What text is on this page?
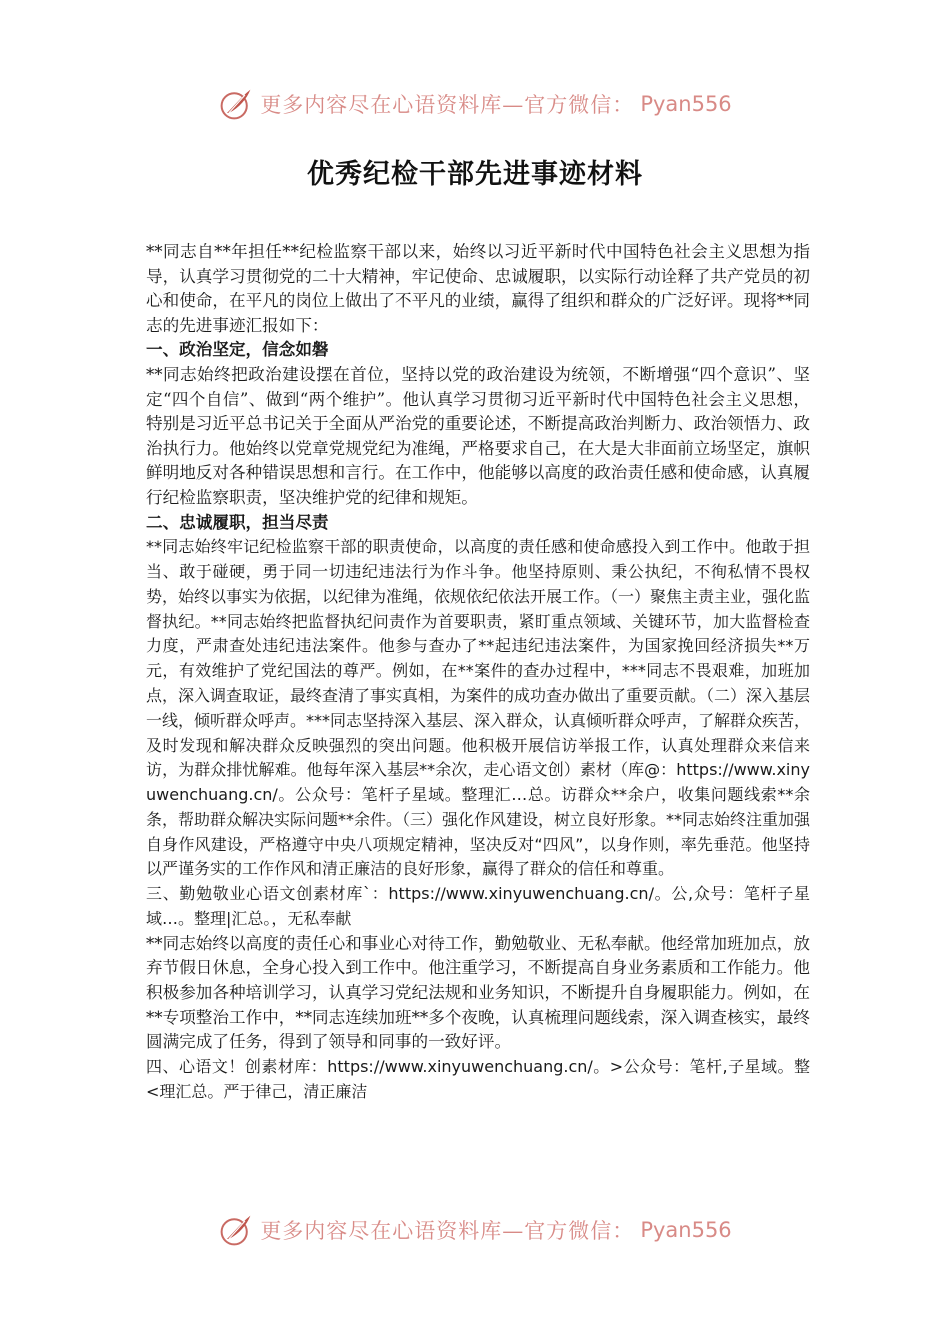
更多内容尽在心语资料库—官方微信： Pyan556
优秀纪检干部先进事迹材料

**同志自**年担任**纪检监察干部以来，始终以习近平新时代中国特色社会主义思想为指导，认真学习贯彻党的二十大精神，牢记使命、忠诚履职，以实际行动诠释了共产党员的初心和使命，在平凡的岗位上做出了不平凡的业绩，赢得了组织和群众的广泛好评。现将**同志的先进事迹汇报如下：

一、政治坚定，信念如磐

**同志始终把政治建设摆在首位，坚持以党的政治建设为统领，不断增强“四个意识”、坚定“四个自信”、做到“两个维护”。他认真学习贯彻习近平新时代中国特色社会主义思想，特别是习近平总书记关于全面从严治党的重要论述，不断提高政治判断力、政治领悟力、政治执行力。他始终以党章党规党纪为准绳，严格要求自己，在大是大非面前立场坚定，旗帜鲜明地反对各种错误思想和言行。在工作中，他能够以高度的政治责任感和使命感，认真履行纪检监察职责，坚决维护党的纪律和规矩。

二、忠诚履职，担当尽责

**同志始终牢记纪检监察干部的职责使命，以高度的责任感和使命感投入到工作中。他敢于担当、敢于碰硬，勇于同一切违纪违法行为作斗争。他坚持原则、秉公执纪，不徇私情不畏权势，始终以事实为依据，以纪律为准绳，依规依纪依法开展工作。（一）聚焦主责主业，强化监督执纪。**同志始终把监督执纪问责作为首要职责，紧盯重点领域、关键环节，加大监督检查力度，严肃查处违纪违法案件。他参与查办了**起违纪违法案件，为国家挽回经济损失**万元，有效维护了党纪国法的尊严。例如，在**案件的查办过程中，***同志不畏艰难，加班加点，深入调查取证，最终查清了事实真相，为案件的成功查办做出了重要贡献。（二）深入基层一线，倾听群众呼声。***同志坚持深入基层、深入群众，认真倾听群众呼声，了解群众疾苦，及时发现和解决群众反映强烈的突出问题。他积极开展信访举报工作，认真处理群众来信来访，为群众排忧解难。他每年深入基层**余次，走心语文创）素材（库@：https://www.xinyuwenchuang.cn/。公众号：笔杆子星域。整理汇…总。访群众**余户，收集问题线索**余条，帮助群众解决实际问题**余件。（三）强化作风建设，树立良好形象。**同志始终注重加强自身作风建设，严格遵守中央八项规定精神，坚决反对“四风”，以身作则，率先垂范。他坚持以严谨务实的工作作风和清正廉洁的良好形象，赢得了群众的信任和尊重。

三、勤勉敬业心语文创素材库`：https://www.xinyuwenchuang.cn/。公,众号：笔杆子星域…。整理|汇总。，无私奉献

**同志始终以高度的责任心和事业心对待工作，勤勉敬业、无私奉献。他经常加班加点，放弃节假日休息，全身心投入到工作中。他注重学习，不断提高自身业务素质和工作能力。他积极参加各种培训学习，认真学习党纪法规和业务知识，不断提升自身履职能力。例如，在**专项整治工作中，**同志连续加班**多个夜晚，认真梳理问题线索，深入调查核实，最终圆满完成了任务，得到了领导和同事的一致好评。

四、心语文！创素材库：https://www.xinyuwenchuang.cn/。>公众号：笔杆,子星域。整<理汇总。严于律己，清正廉洁

更多内容尽在心语资料库—官方微信： Pyan556
